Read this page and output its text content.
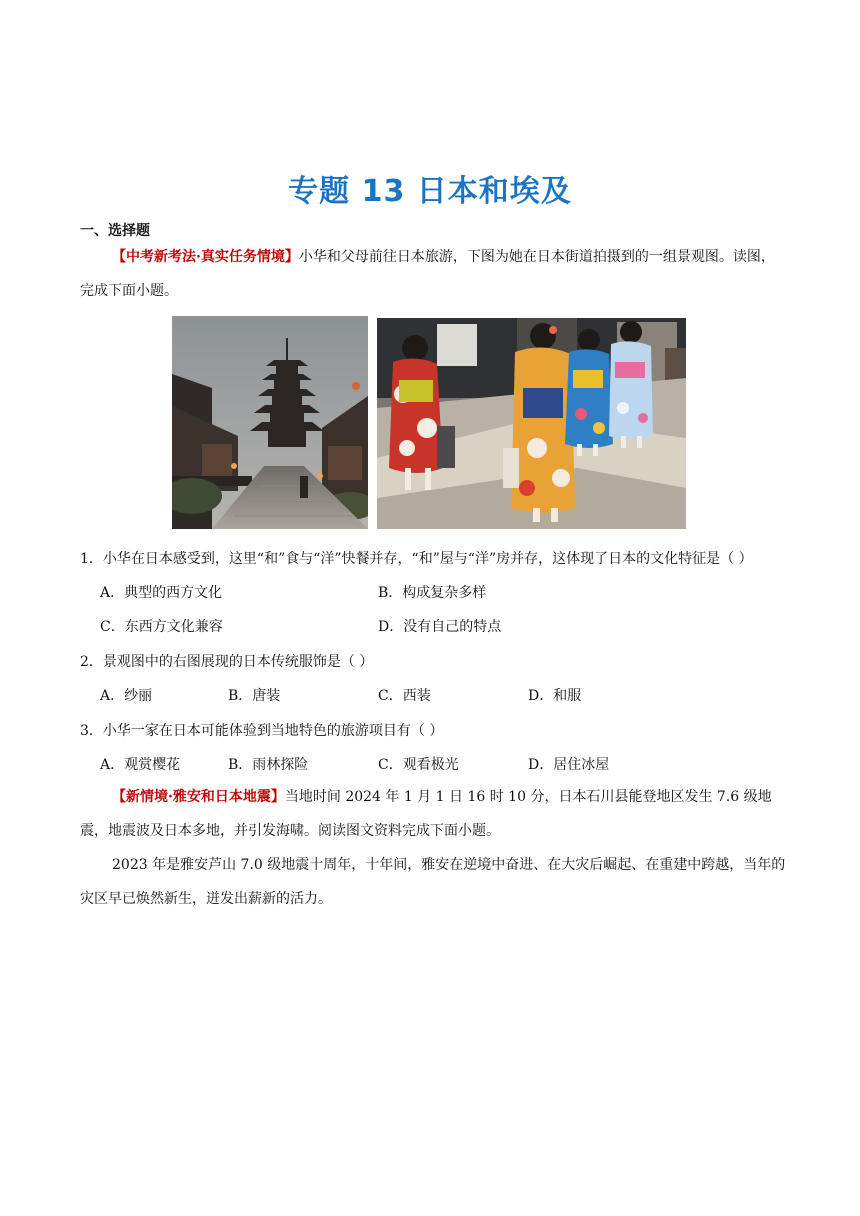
专题 13 日本和埃及
一、选择题
【中考新考法·真实任务情境】小华和父母前往日本旅游，下图为她在日本街道拍摄到的一组景观图。读图，完成下面小题。
1．小华在日本感受到，这里“和”食与“洋”快餐并存，“和”屋与“洋”房并存，这体现了日本的文化特征是（ ）
A．典型的西方文化	B．构成复杂多样
C．东西方文化兼容	D．没有自己的特点
2．景观图中的右图展现的日本传统服饰是（ ）
A．纱丽	B．唐装	C．西装	D．和服
3．小华一家在日本可能体验到当地特色的旅游项目有（ ）
A．观赏樱花	B．雨林探险	C．观看极光	D．居住冰屋
【新情境·雅安和日本地震】当地时间 2024 年 1 月 1 日 16 时 10 分，日本石川县能登地区发生 7.6 级地震，地震波及日本多地，并引发海啸。阅读图文资料完成下面小题。
2023 年是雅安芦山 7.0 级地震十周年，十年间，雅安在逆境中奋进、在大灾后崛起、在重建中跨越，当年的灾区早已焕然新生，迸发出薪新的活力。
